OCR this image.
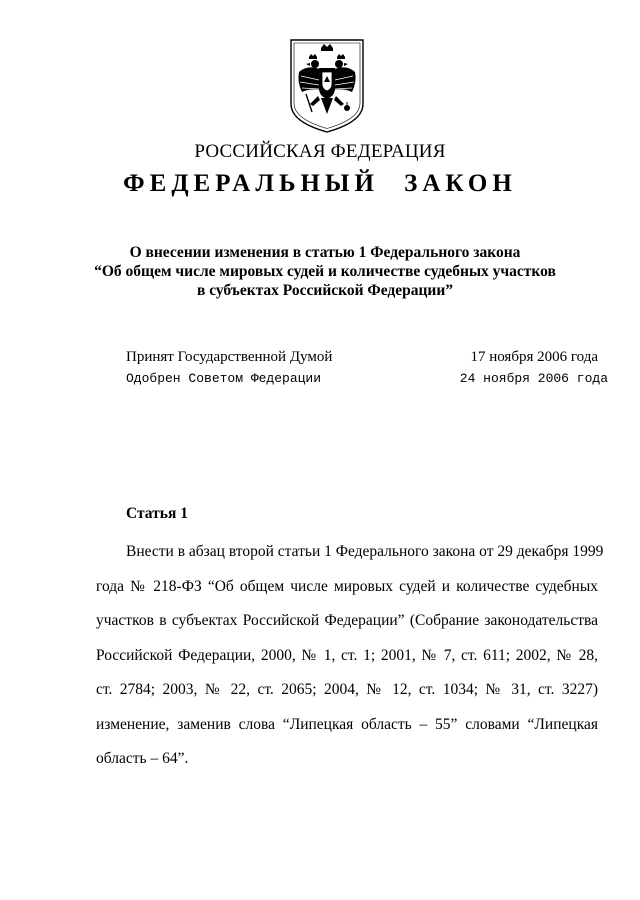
РОССИЙСКАЯ ФЕДЕРАЦИЯ
ФЕДЕРАЛЬНЫЙ ЗАКОН
О внесении изменения в статью 1 Федерального закона
“Об общем числе мировых судей и количестве судебных участков
в субъектах Российской Федерации”
Принят Государственной Думой	17 ноября 2006 года
Одобрен Советом Федерации	24 ноября 2006 года
Статья 1
Внести в абзац второй статьи 1 Федерального закона от 29 декабря 1999
года № 218-ФЗ “Об общем числе мировых судей и количестве судебных
участков в субъектах Российской Федерации” (Собрание законодательства
Российской Федерации, 2000, № 1, ст. 1; 2001, № 7, ст. 611; 2002, № 28,
ст. 2784; 2003, № 22, ст. 2065; 2004, № 12, ст. 1034; № 31, ст. 3227)
изменение, заменив слова “Липецкая область – 55” словами “Липецкая
область – 64”.
